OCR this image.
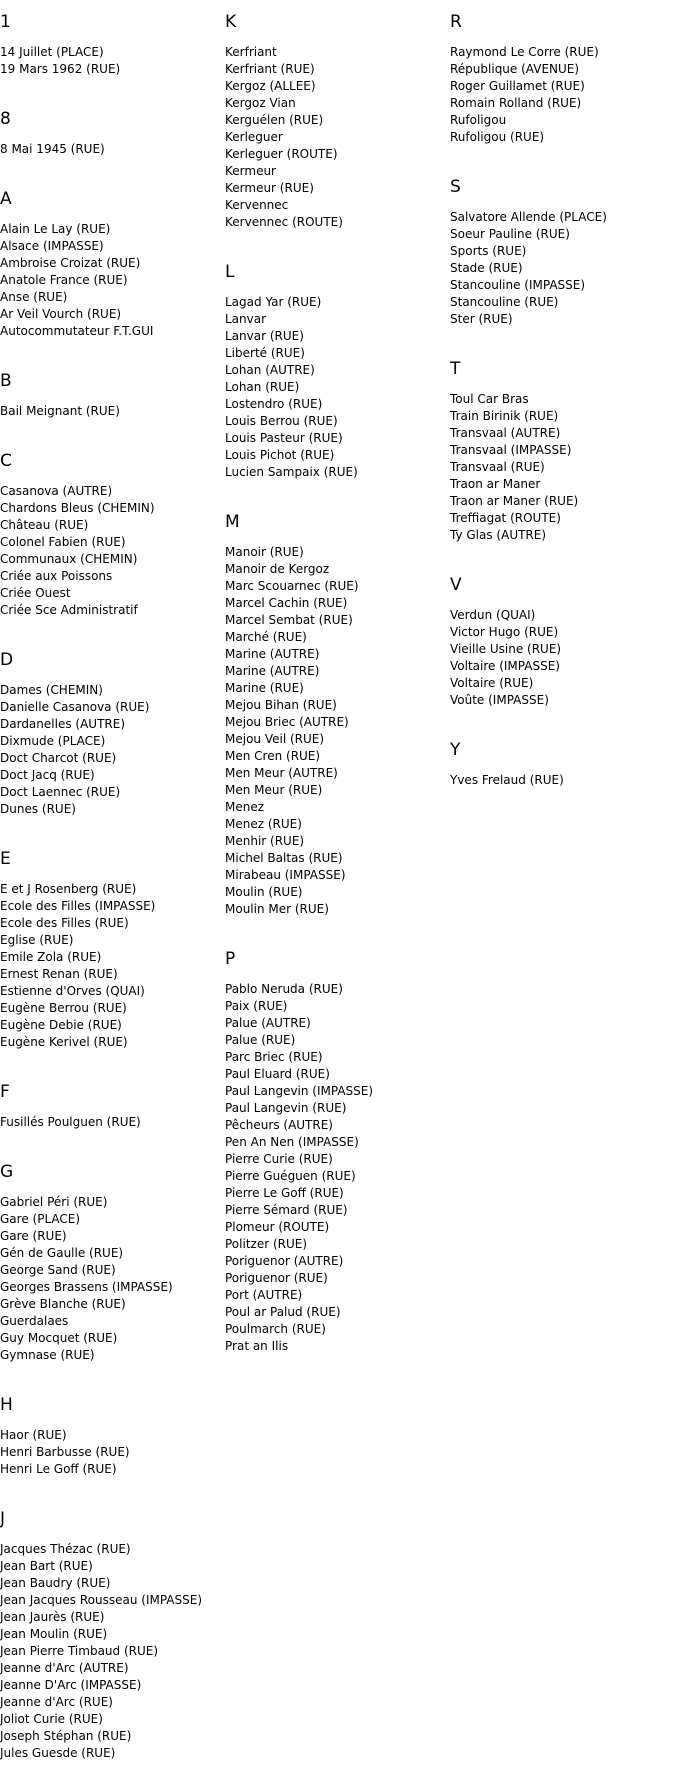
1
14 Juillet (PLACE)
19 Mars 1962 (RUE)
8
8 Mai 1945 (RUE)
A
Alain Le Lay (RUE)
Alsace (IMPASSE)
Ambroise Croizat (RUE)
Anatole France (RUE)
Anse (RUE)
Ar Veil Vourch (RUE)
Autocommutateur F.T.GUI
B
Bail Meignant (RUE)
C
Casanova (AUTRE)
Chardons Bleus (CHEMIN)
Château (RUE)
Colonel Fabien (RUE)
Communaux (CHEMIN)
Criée aux Poissons
Criée Ouest
Criée Sce Administratif
D
Dames (CHEMIN)
Danielle Casanova (RUE)
Dardanelles (AUTRE)
Dixmude (PLACE)
Doct Charcot (RUE)
Doct Jacq (RUE)
Doct Laennec (RUE)
Dunes (RUE)
E
E et J Rosenberg (RUE)
Ecole des Filles (IMPASSE)
Ecole des Filles (RUE)
Eglise (RUE)
Emile Zola (RUE)
Ernest Renan (RUE)
Estienne d'Orves (QUAI)
Eugène Berrou (RUE)
Eugène Debie (RUE)
Eugène Kerivel (RUE)
F
Fusillés Poulguen (RUE)
G
Gabriel Péri (RUE)
Gare (PLACE)
Gare (RUE)
Gén de Gaulle (RUE)
George Sand (RUE)
Georges Brassens (IMPASSE)
Grève Blanche (RUE)
Guerdalaes
Guy Mocquet (RUE)
Gymnase (RUE)
H
Haor (RUE)
Henri Barbusse (RUE)
Henri Le Goff (RUE)
J
Jacques Thézac (RUE)
Jean Bart (RUE)
Jean Baudry (RUE)
Jean Jacques Rousseau (IMPASSE)
Jean Jaurès (RUE)
Jean Moulin (RUE)
Jean Pierre Timbaud (RUE)
Jeanne d'Arc (AUTRE)
Jeanne D'Arc (IMPASSE)
Jeanne d'Arc (RUE)
Joliot Curie (RUE)
Joseph Stéphan (RUE)
Jules Guesde (RUE)
K
Kerfriant
Kerfriant (RUE)
Kergoz (ALLEE)
Kergoz Vian
Kerguélen (RUE)
Kerleguer
Kerleguer (ROUTE)
Kermeur
Kermeur (RUE)
Kervennec
Kervennec (ROUTE)
L
Lagad Yar (RUE)
Lanvar
Lanvar (RUE)
Liberté (RUE)
Lohan (AUTRE)
Lohan (RUE)
Lostendro (RUE)
Louis Berrou (RUE)
Louis Pasteur (RUE)
Louis Pichot (RUE)
Lucien Sampaix (RUE)
M
Manoir (RUE)
Manoir de Kergoz
Marc Scouarnec (RUE)
Marcel Cachin (RUE)
Marcel Sembat (RUE)
Marché (RUE)
Marine (AUTRE)
Marine (AUTRE)
Marine (RUE)
Mejou Bihan (RUE)
Mejou Briec (AUTRE)
Mejou Veil (RUE)
Men Cren (RUE)
Men Meur (AUTRE)
Men Meur (RUE)
Menez
Menez (RUE)
Menhir (RUE)
Michel Baltas (RUE)
Mirabeau (IMPASSE)
Moulin (RUE)
Moulin Mer (RUE)
P
Pablo Neruda (RUE)
Paix (RUE)
Palue (AUTRE)
Palue (RUE)
Parc Briec (RUE)
Paul Eluard (RUE)
Paul Langevin (IMPASSE)
Paul Langevin (RUE)
Pêcheurs (AUTRE)
Pen An Nen (IMPASSE)
Pierre Curie (RUE)
Pierre Guéguen (RUE)
Pierre Le Goff (RUE)
Pierre Sémard (RUE)
Plomeur (ROUTE)
Politzer (RUE)
Poriguenor (AUTRE)
Poriguenor (RUE)
Port (AUTRE)
Poul ar Palud (RUE)
Poulmarch (RUE)
Prat an Ilis
R
Raymond Le Corre (RUE)
République (AVENUE)
Roger Guillamet (RUE)
Romain Rolland (RUE)
Rufoligou
Rufoligou (RUE)
S
Salvatore Allende (PLACE)
Soeur Pauline (RUE)
Sports (RUE)
Stade (RUE)
Stancouline (IMPASSE)
Stancouline (RUE)
Ster (RUE)
T
Toul Car Bras
Train Birinik (RUE)
Transvaal (AUTRE)
Transvaal (IMPASSE)
Transvaal (RUE)
Traon ar Maner
Traon ar Maner (RUE)
Treffiagat (ROUTE)
Ty Glas (AUTRE)
V
Verdun (QUAI)
Victor Hugo (RUE)
Vieille Usine (RUE)
Voltaire (IMPASSE)
Voltaire (RUE)
Voûte (IMPASSE)
Y
Yves Frelaud (RUE)
